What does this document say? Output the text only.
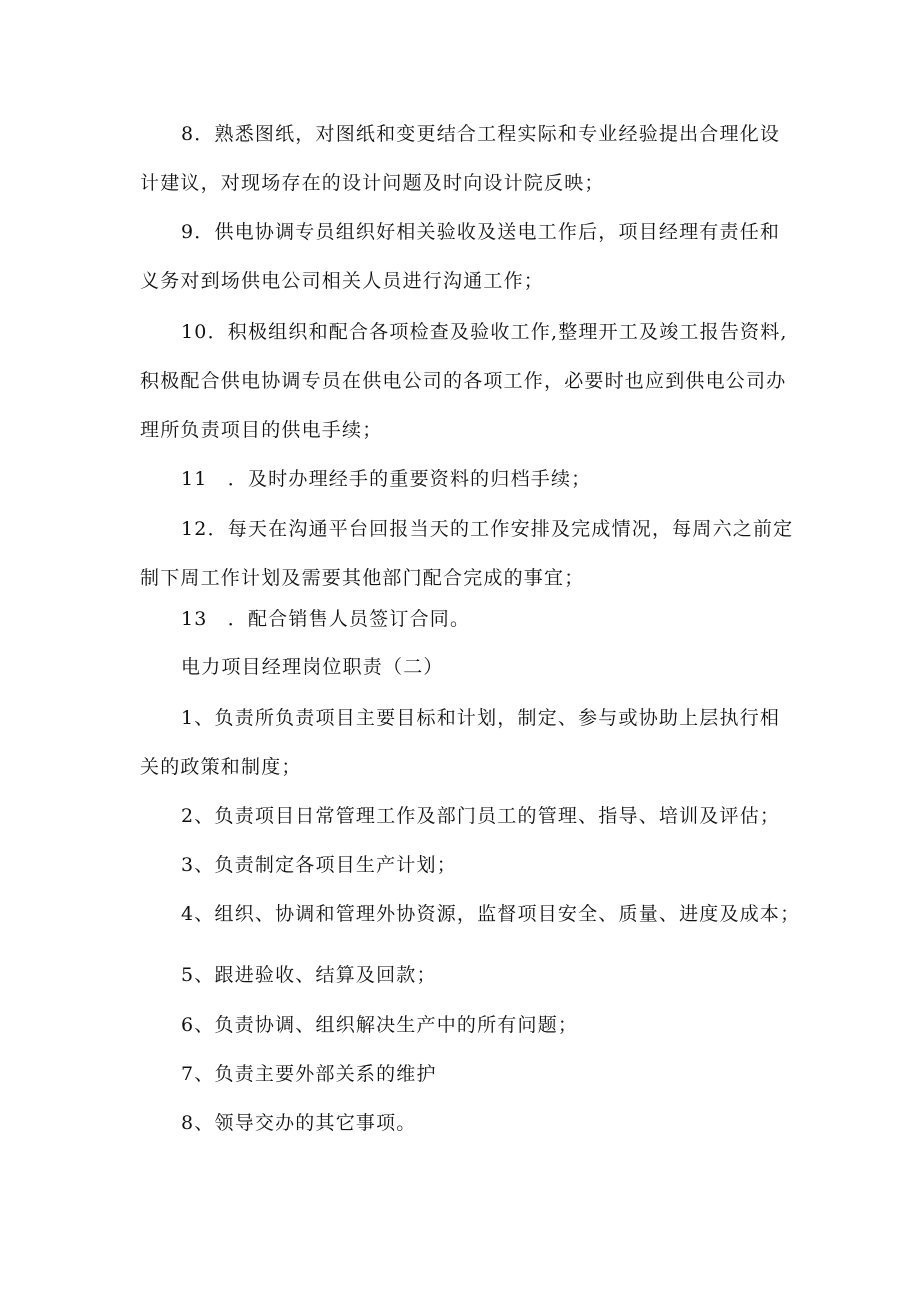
8．熟悉图纸，对图纸和变更结合工程实际和专业经验提出合理化设
计建议，对现场存在的设计问题及时向设计院反映；
9．供电协调专员组织好相关验收及送电工作后，项目经理有责任和
义务对到场供电公司相关人员进行沟通工作；
10．积极组织和配合各项检查及验收工作,整理开工及竣工报告资料,
积极配合供电协调专员在供电公司的各项工作，必要时也应到供电公司办
理所负责项目的供电手续；
11　．及时办理经手的重要资料的归档手续；
12．每天在沟通平台回报当天的工作安排及完成情况，每周六之前定
制下周工作计划及需要其他部门配合完成的事宜；
13　．配合销售人员签订合同。
电力项目经理岗位职责（二）
1、负责所负责项目主要目标和计划，制定、参与或协助上层执行相
关的政策和制度；
2、负责项目日常管理工作及部门员工的管理、指导、培训及评估；
3、负责制定各项目生产计划；
4、组织、协调和管理外协资源，监督项目安全、质量、进度及成本；
5、跟进验收、结算及回款；
6、负责协调、组织解决生产中的所有问题；
7、负责主要外部关系的维护
8、领导交办的其它事项。
